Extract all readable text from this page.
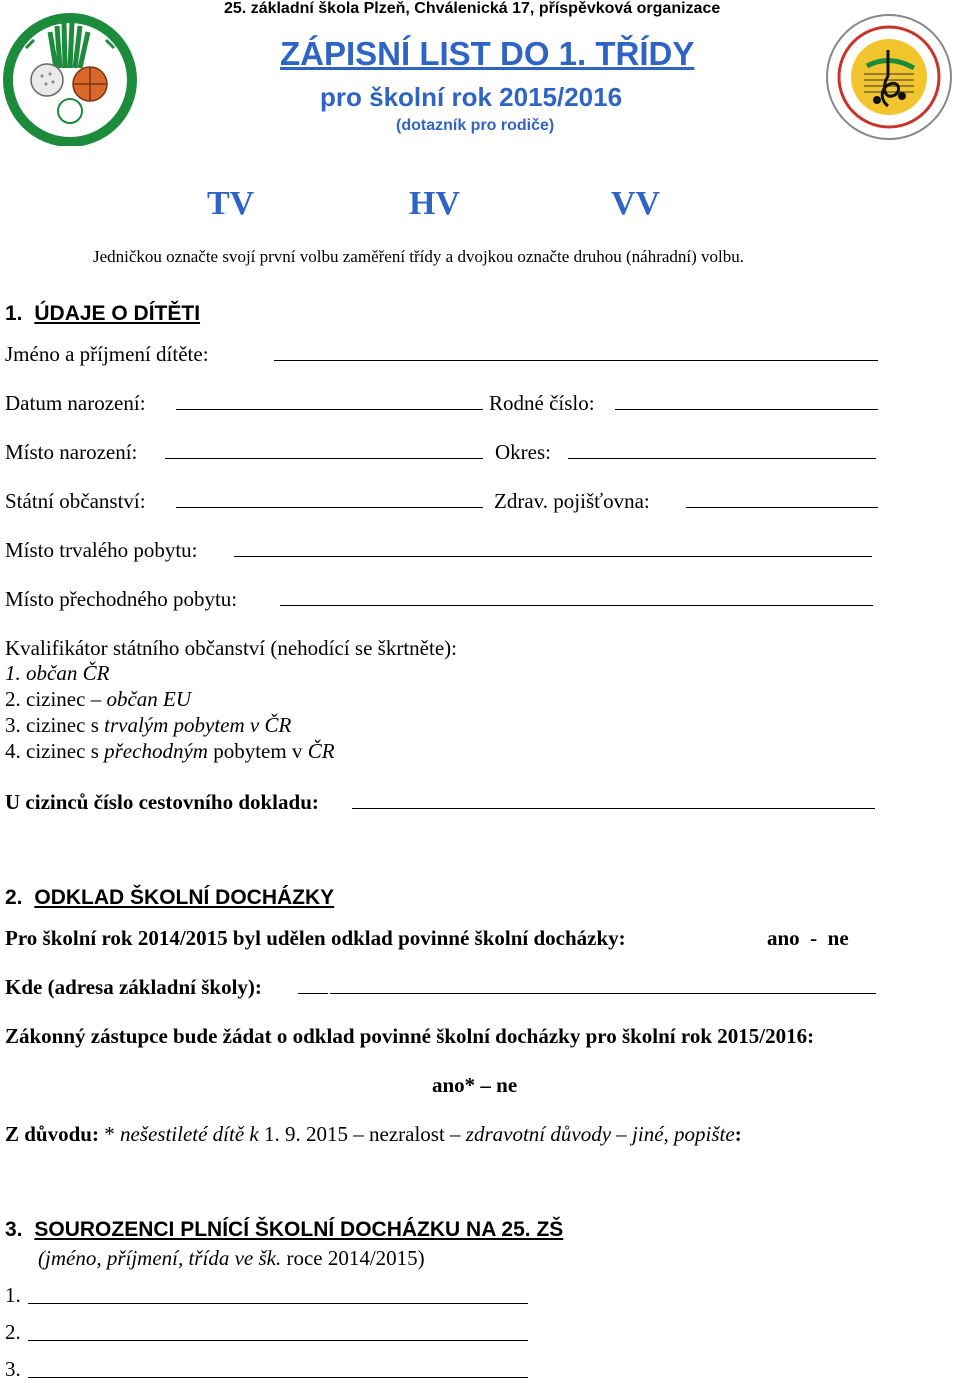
25. základní škola Plzeň, Chválenická 17, příspěvková organizace
ZÁPISNÍ LIST DO 1. TŘÍDY
pro školní rok 2015/2016
(dotazník pro rodiče)
TV	HV	VV
Jedničkou označte svojí první volbu zaměření třídy a dvojkou označte druhou (náhradní) volbu.
1. ÚDAJE O DÍTĚTI
Jméno a příjmení dítěte:
Datum narození:	Rodné číslo:
Místo narození:	Okres:
Státní občanství:	Zdrav. pojišťovna:
Místo trvalého pobytu:
Místo přechodného pobytu:
Kvalifikátor státního občanství (nehodící se škrtněte):
1. občan ČR
2. cizinec – občan EU
3. cizinec s trvalým pobytem v ČR
4. cizinec s přechodným pobytem v ČR
U cizinců číslo cestovního dokladu:
2. ODKLAD ŠKOLNÍ DOCHÁZKY
Pro školní rok 2014/2015 byl udělen odklad povinné školní docházky:	ano  -  ne
Kde (adresa základní školy):
Zákonný zástupce bude žádat o odklad povinné školní docházky pro školní rok 2015/2016:
ano* – ne
Z důvodu: * nešestileté dítě k 1. 9. 2015 – nezralost – zdravotní důvody – jiné, popište:
3. SOUROZENCI PLNÍCÍ ŠKOLNÍ DOCHÁZKU NA 25. ZŠ
(jméno, příjmení, třída ve šk. roce 2014/2015)
1.
2.
3.
